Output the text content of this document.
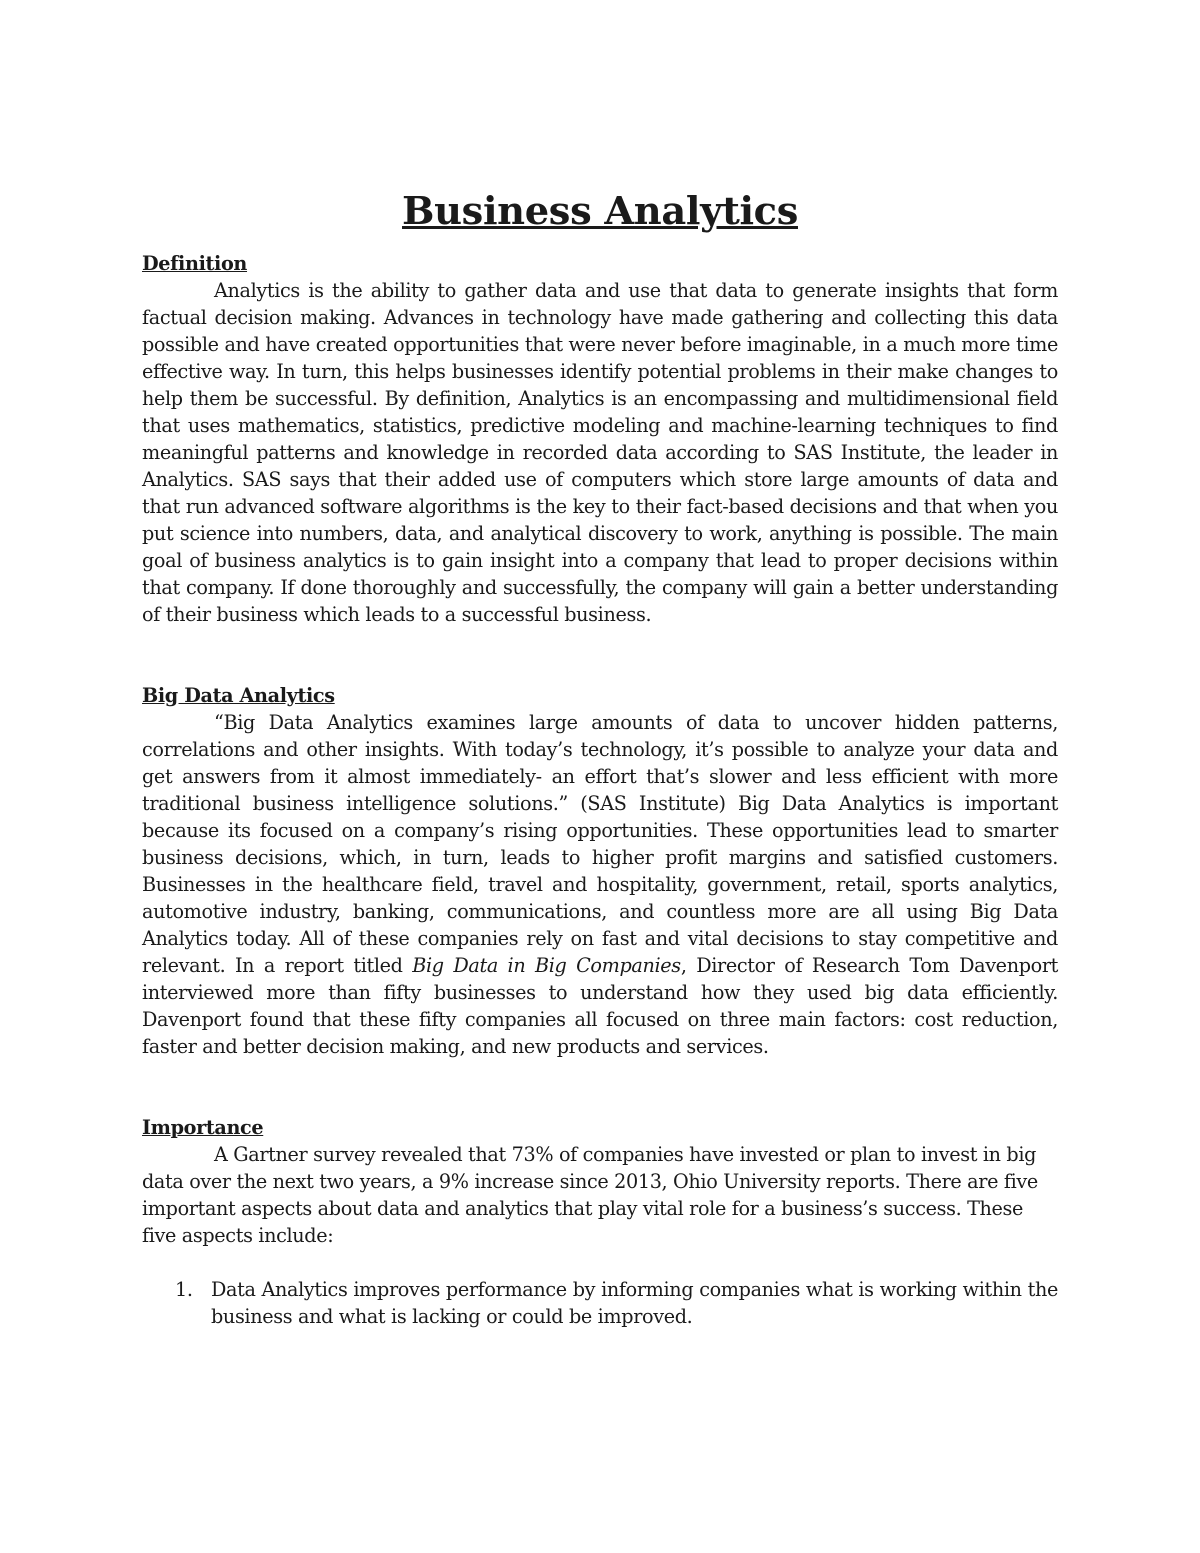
Business Analytics
Definition

Analytics is the ability to gather data and use that data to generate insights that form factual decision making. Advances in technology have made gathering and collecting this data possible and have created opportunities that were never before imaginable, in a much more time effective way. In turn, this helps businesses identify potential problems in their make changes to help them be successful. By definition, Analytics is an encompassing and multidimensional field that uses mathematics, statistics, predictive modeling and machine-learning techniques to find meaningful patterns and knowledge in recorded data according to SAS Institute, the leader in Analytics. SAS says that their added use of computers which store large amounts of data and that run advanced software algorithms is the key to their fact-based decisions and that when you put science into numbers, data, and analytical discovery to work, anything is possible. The main goal of business analytics is to gain insight into a company that lead to proper decisions within that company. If done thoroughly and successfully, the company will gain a better understanding of their business which leads to a successful business.

Big Data Analytics

“Big Data Analytics examines large amounts of data to uncover hidden patterns, correlations and other insights. With today’s technology, it’s possible to analyze your data and get answers from it almost immediately- an effort that’s slower and less efficient with more traditional business intelligence solutions.” (SAS Institute) Big Data Analytics is important because its focused on a company’s rising opportunities. These opportunities lead to smarter business decisions, which, in turn, leads to higher profit margins and satisfied customers. Businesses in the healthcare field, travel and hospitality, government, retail, sports analytics, automotive industry, banking, communications, and countless more are all using Big Data Analytics today. All of these companies rely on fast and vital decisions to stay competitive and relevant. In a report titled Big Data in Big Companies, Director of Research Tom Davenport interviewed more than fifty businesses to understand how they used big data efficiently. Davenport found that these fifty companies all focused on three main factors: cost reduction, faster and better decision making, and new products and services.

Importance

A Gartner survey revealed that 73% of companies have invested or plan to invest in big data over the next two years, a 9% increase since 2013, Ohio University reports. There are five important aspects about data and analytics that play vital role for a business’s success. These five aspects include:

1. Data Analytics improves performance by informing companies what is working within the business and what is lacking or could be improved.
